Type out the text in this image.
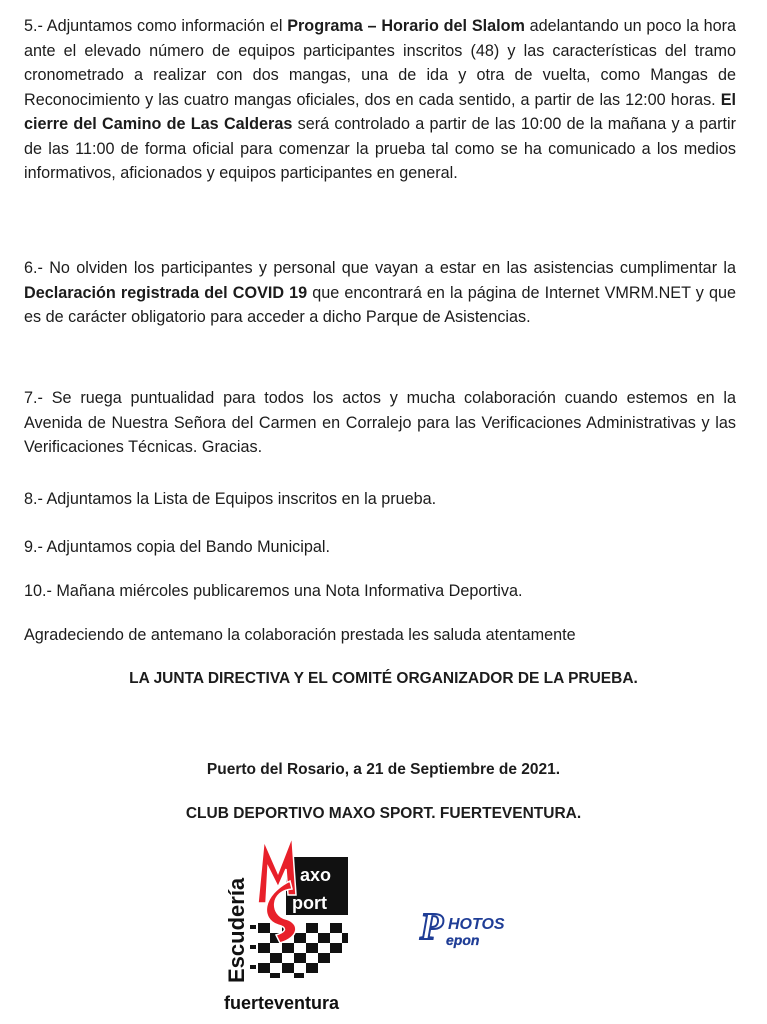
5.- Adjuntamos como información el Programa – Horario del Slalom adelantando un poco la hora ante el elevado número de equipos participantes inscritos (48) y las características del tramo cronometrado a realizar con dos mangas, una de ida y otra de vuelta, como Mangas de Reconocimiento y las cuatro mangas oficiales, dos en cada sentido, a partir de las 12:00 horas. El cierre del Camino de Las Calderas será controlado a partir de las 10:00 de la mañana y a partir de las 11:00 de forma oficial para comenzar la prueba tal como se ha comunicado a los medios informativos, aficionados y equipos participantes en general.

6.- No olviden los participantes y personal que vayan a estar en las asistencias cumplimentar la Declaración registrada del COVID 19 que encontrará en la página de Internet VMRM.NET y que es de carácter obligatorio para acceder a dicho Parque de Asistencias.

7.- Se ruega puntualidad para todos los actos y mucha colaboración cuando estemos en la Avenida de Nuestra Señora del Carmen en Corralejo para las Verificaciones Administrativas y las Verificaciones Técnicas. Gracias.

8.- Adjuntamos la Lista de Equipos inscritos en la prueba.

9.- Adjuntamos copia del Bando Municipal.

10.- Mañana miércoles publicaremos una Nota Informativa Deportiva.

Agradeciendo de antemano la colaboración prestada les saluda atentamente

LA JUNTA DIRECTIVA Y EL COMITÉ ORGANIZADOR DE LA PRUEBA.

Puerto del Rosario, a 21 de Septiembre de 2021.

CLUB DEPORTIVO MAXO SPORT. FUERTEVENTURA.

axo
port
Escudería
fuerteventura
P HOTOS
epon
